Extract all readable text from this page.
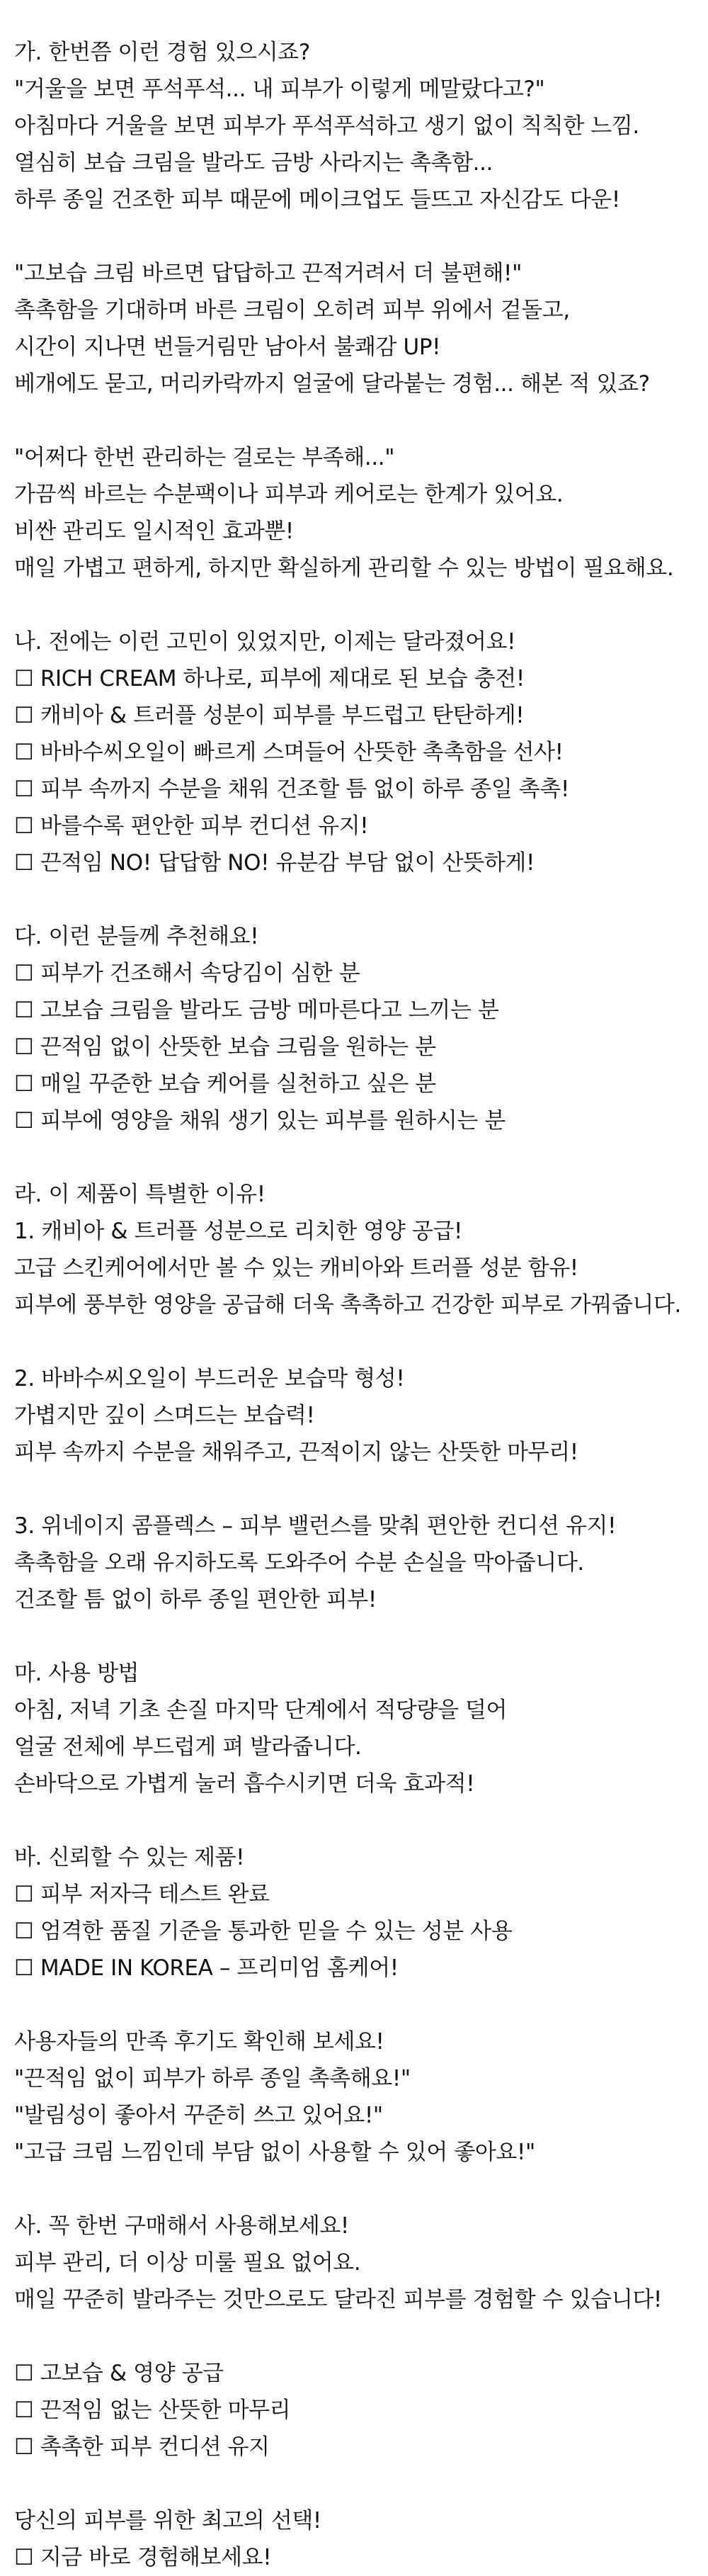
가. 한번쯤 이런 경험 있으시죠?
"거울을 보면 푸석푸석... 내 피부가 이렇게 메말랐다고?"
아침마다 거울을 보면 피부가 푸석푸석하고 생기 없이 칙칙한 느낌.
열심히 보습 크림을 발라도 금방 사라지는 촉촉함...
하루 종일 건조한 피부 때문에 메이크업도 들뜨고 자신감도 다운!
"고보습 크림 바르면 답답하고 끈적거려서 더 불편해!"
촉촉함을 기대하며 바른 크림이 오히려 피부 위에서 겉돌고,
시간이 지나면 번들거림만 남아서 불쾌감 UP!
베개에도 묻고, 머리카락까지 얼굴에 달라붙는 경험... 해본 적 있죠?
"어쩌다 한번 관리하는 걸로는 부족해..."
가끔씩 바르는 수분팩이나 피부과 케어로는 한계가 있어요.
비싼 관리도 일시적인 효과뿐!
매일 가볍고 편하게, 하지만 확실하게 관리할 수 있는 방법이 필요해요.
나. 전에는 이런 고민이 있었지만, 이제는 달라졌어요!
☐ RICH CREAM 하나로, 피부에 제대로 된 보습 충전!
☐ 캐비아 & 트러플 성분이 피부를 부드럽고 탄탄하게!
☐ 바바수씨오일이 빠르게 스며들어 산뜻한 촉촉함을 선사!
☐ 피부 속까지 수분을 채워 건조할 틈 없이 하루 종일 촉촉!
☐ 바를수록 편안한 피부 컨디션 유지!
☐ 끈적임 NO! 답답함 NO! 유분감 부담 없이 산뜻하게!
다. 이런 분들께 추천해요!
☐ 피부가 건조해서 속당김이 심한 분
☐ 고보습 크림을 발라도 금방 메마른다고 느끼는 분
☐ 끈적임 없이 산뜻한 보습 크림을 원하는 분
☐ 매일 꾸준한 보습 케어를 실천하고 싶은 분
☐ 피부에 영양을 채워 생기 있는 피부를 원하시는 분
라. 이 제품이 특별한 이유!
1. 캐비아 & 트러플 성분으로 리치한 영양 공급!
고급 스킨케어에서만 볼 수 있는 캐비아와 트러플 성분 함유!
피부에 풍부한 영양을 공급해 더욱 촉촉하고 건강한 피부로 가꿔줍니다.
2. 바바수씨오일이 부드러운 보습막 형성!
가볍지만 깊이 스며드는 보습력!
피부 속까지 수분을 채워주고, 끈적이지 않는 산뜻한 마무리!
3. 위네이지 콤플렉스 – 피부 밸런스를 맞춰 편안한 컨디션 유지!
촉촉함을 오래 유지하도록 도와주어 수분 손실을 막아줍니다.
건조할 틈 없이 하루 종일 편안한 피부!
마. 사용 방법
아침, 저녁 기초 손질 마지막 단계에서 적당량을 덜어
얼굴 전체에 부드럽게 펴 발라줍니다.
손바닥으로 가볍게 눌러 흡수시키면 더욱 효과적!
바. 신뢰할 수 있는 제품!
☐ 피부 저자극 테스트 완료
☐ 엄격한 품질 기준을 통과한 믿을 수 있는 성분 사용
☐ MADE IN KOREA – 프리미엄 홈케어!
사용자들의 만족 후기도 확인해 보세요!
"끈적임 없이 피부가 하루 종일 촉촉해요!"
"발림성이 좋아서 꾸준히 쓰고 있어요!"
"고급 크림 느낌인데 부담 없이 사용할 수 있어 좋아요!"
사. 꼭 한번 구매해서 사용해보세요!
피부 관리, 더 이상 미룰 필요 없어요.
매일 꾸준히 발라주는 것만으로도 달라진 피부를 경험할 수 있습니다!
☐ 고보습 & 영양 공급
☐ 끈적임 없는 산뜻한 마무리
☐ 촉촉한 피부 컨디션 유지
당신의 피부를 위한 최고의 선택!
☐ 지금 바로 경험해보세요!
